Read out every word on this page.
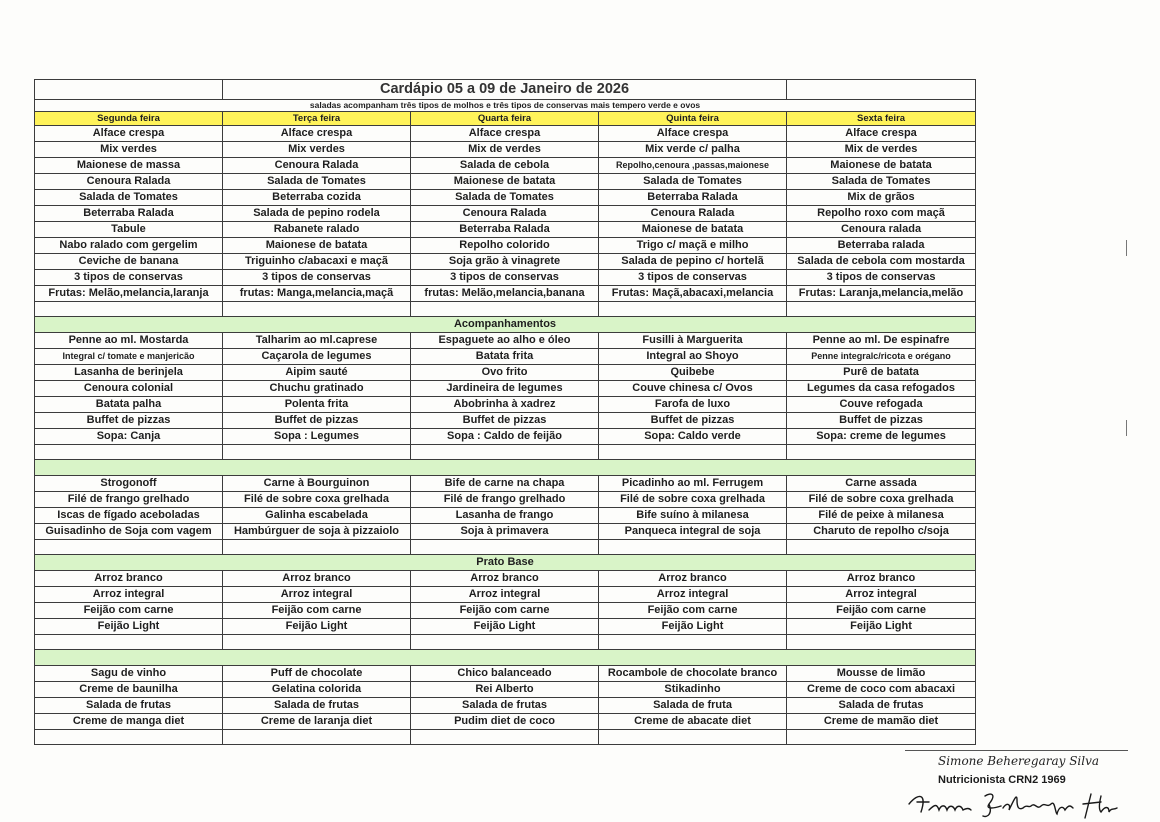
	Cardápio 05 a 09 de Janeiro de 2026			
saladas acompanham três tipos de molhos e três tipos de conservas mais tempero verde e ovos				
Segunda feira	Terça feira	Quarta feira	Quinta feira	Sexta feira
Alface crespa	Alface crespa	Alface crespa	Alface crespa	Alface crespa
Mix verdes	Mix verdes	Mix de verdes	Mix verde c/ palha	Mix de verdes
Maionese de massa	Cenoura Ralada	Salada de cebola	Repolho,cenoura ,passas,maionese	Maionese de batata
Cenoura Ralada	Salada de Tomates	Maionese de batata	Salada de Tomates	Salada de Tomates
Salada de Tomates	Beterraba cozida	Salada de Tomates	Beterraba Ralada	Mix de grãos
Beterraba Ralada	Salada de pepino rodela	Cenoura Ralada	Cenoura Ralada	Repolho roxo com maçã
Tabule	Rabanete ralado	Beterraba Ralada	Maionese de batata	Cenoura ralada
Nabo ralado com gergelim	Maionese de batata	Repolho colorido	Trigo c/ maçã e milho	Beterraba ralada
Ceviche de banana	Triguinho c/abacaxi e maçã	Soja grão à vinagrete	Salada de pepino c/ hortelã	Salada de cebola com mostarda
3 tipos de conservas	3 tipos de conservas	3 tipos de conservas	3 tipos de conservas	3 tipos de conservas
Frutas: Melão,melancia,laranja	frutas: Manga,melancia,maçã	frutas: Melão,melancia,banana	Frutas: Maçã,abacaxi,melancia	Frutas: Laranja,melancia,melão

Acompanhamentos				
Penne ao ml. Mostarda	Talharim ao ml.caprese	Espaguete ao alho e óleo	Fusilli à Marguerita	Penne ao ml. De espinafre
Integral c/ tomate e manjericão	Caçarola de legumes	Batata frita	Integral ao Shoyo	Penne integralc/ricota e orégano
Lasanha de berinjela	Aipim sauté	Ovo frito	Quibebe	Purê de batata
Cenoura colonial	Chuchu gratinado	Jardineira de legumes	Couve chinesa c/ Ovos	Legumes da casa refogados
Batata palha	Polenta frita	Abobrinha à xadrez	Farofa de luxo	Couve refogada
Buffet de pizzas	Buffet de pizzas	Buffet de pizzas	Buffet de pizzas	Buffet de pizzas
Sopa: Canja	Sopa : Legumes	Sopa : Caldo de feijão	Sopa: Caldo verde	Sopa: creme de legumes

Strogonoff	Carne à Bourguinon	Bife de carne na chapa	Picadinho ao ml. Ferrugem	Carne assada
Filé de frango grelhado	Filé de sobre coxa grelhada	Filé de frango grelhado	Filé de sobre coxa grelhada	Filé de sobre coxa grelhada
Iscas de fígado aceboladas	Galinha escabelada	Lasanha de frango	Bife suíno à milanesa	Filé de peixe à milanesa
Guisadinho de Soja com vagem	Hambúrguer de soja à pizzaiolo	Soja à primavera	Panqueca integral de soja	Charuto de repolho c/soja

Prato Base				
Arroz branco	Arroz branco	Arroz branco	Arroz branco	Arroz branco
Arroz integral	Arroz integral	Arroz integral	Arroz integral	Arroz integral
Feijão com carne	Feijão com carne	Feijão com carne	Feijão com carne	Feijão com carne
Feijão Light	Feijão Light	Feijão Light	Feijão Light	Feijão Light

Sagu de vinho	Puff de chocolate	Chico balanceado	Rocambole de chocolate branco	Mousse de limão
Creme de baunilha	Gelatina colorida	Rei Alberto	Stikadinho	Creme de coco com abacaxi
Salada de frutas	Salada de frutas	Salada de frutas	Salada de fruta	Salada de frutas
Creme de manga diet	Creme de laranja diet	Pudim diet de coco	Creme de abacate diet	Creme de mamão diet

Simone Beheregaray Silva
Nutricionista CRN2 1969
